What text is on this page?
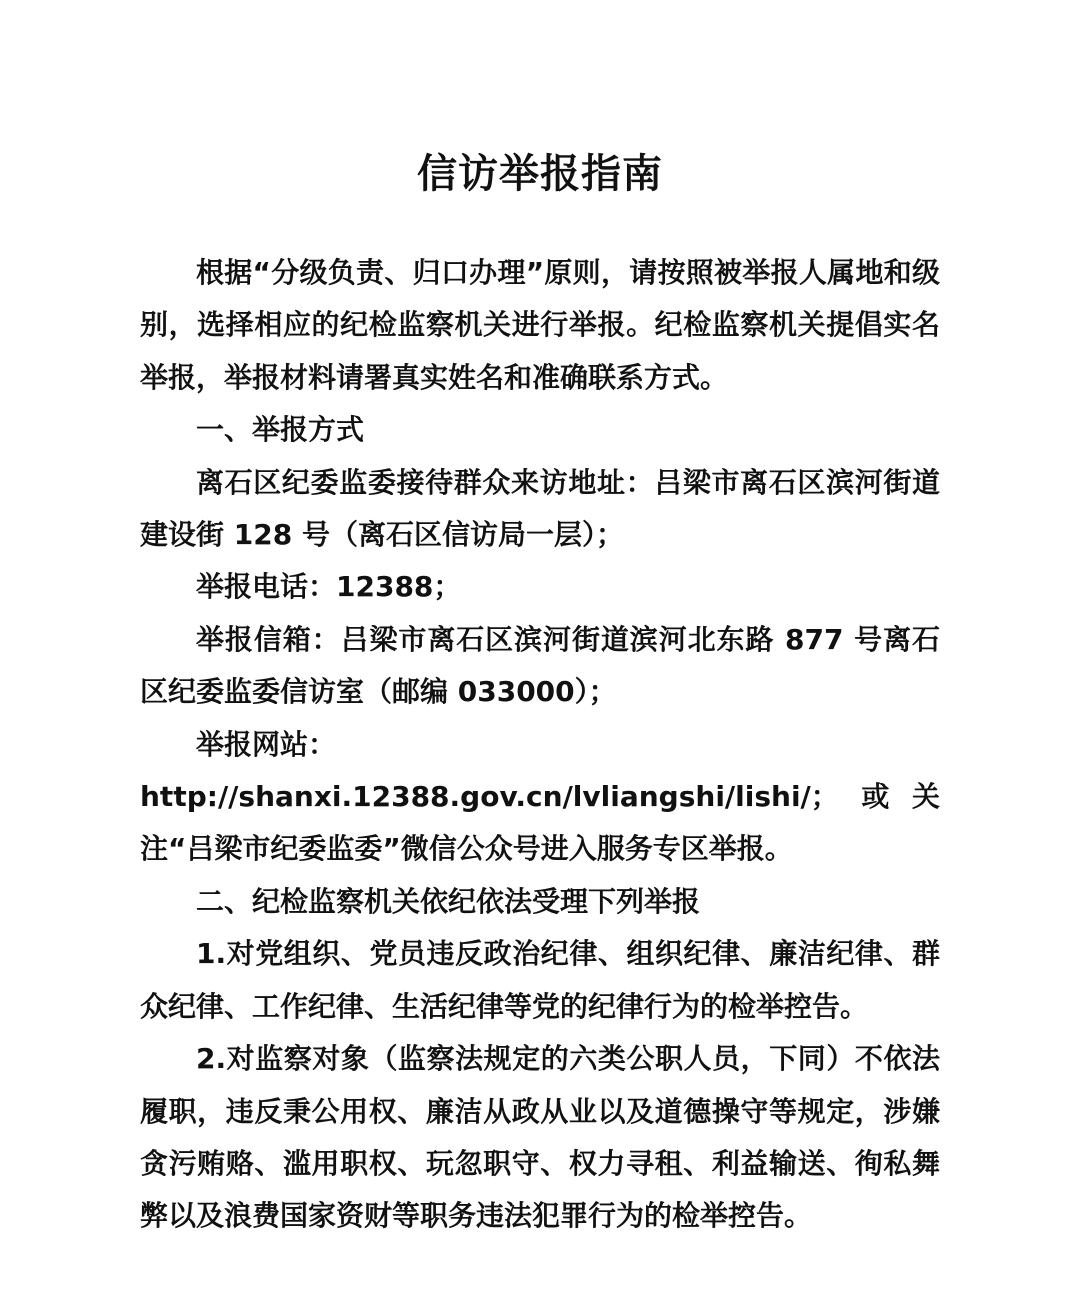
信访举报指南

根据“分级负责、归口办理”原则，请按照被举报人属地和级别，选择相应的纪检监察机关进行举报。纪检监察机关提倡实名举报，举报材料请署真实姓名和准确联系方式。

一、举报方式

离石区纪委监委接待群众来访地址：吕梁市离石区滨河街道建设街 128 号（离石区信访局一层）；

举报电话：12388；

举报信箱：吕梁市离石区滨河街道滨河北东路 877 号离石区纪委监委信访室（邮编 033000）；

举报网站：

http://shanxi.12388.gov.cn/lvliangshi/lishi/；或关注“吕梁市纪委监委”微信公众号进入服务专区举报。

二、纪检监察机关依纪依法受理下列举报

1.对党组织、党员违反政治纪律、组织纪律、廉洁纪律、群众纪律、工作纪律、生活纪律等党的纪律行为的检举控告。

2.对监察对象（监察法规定的六类公职人员，下同）不依法履职，违反秉公用权、廉洁从政从业以及道德操守等规定，涉嫌贪污贿赂、滥用职权、玩忽职守、权力寻租、利益输送、徇私舞弊以及浪费国家资财等职务违法犯罪行为的检举控告。
